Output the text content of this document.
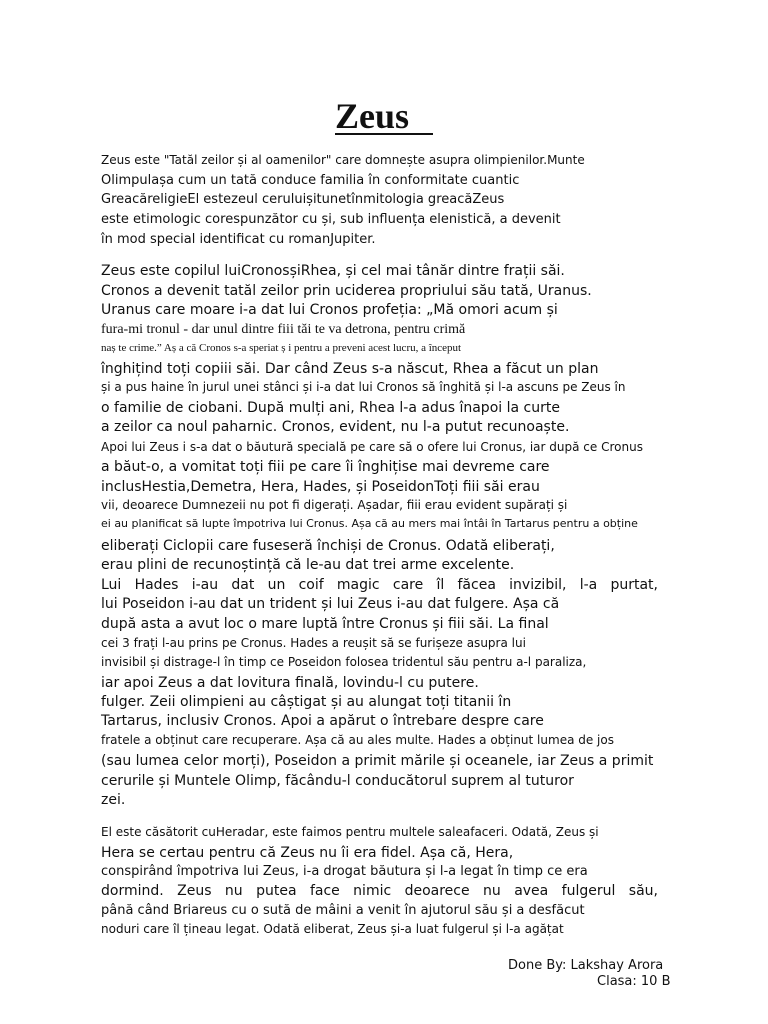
Zeus

Zeus este "Tatăl zeilor și al oamenilor" care domnește asupra olimpienilor.Munte

Olimpulașa cum un tată conduce familia în conformitate cuantic

GreacăreligieEl estezeul ceruluișitunetînmitologia greacăZeus

este etimologic corespunzător cu și, sub influența elenistică, a devenit

în mod special identificat cu romanJupiter.

Zeus este copilul luiCronosșiRhea, și cel mai tânăr dintre frații săi.

Cronos a devenit tatăl zeilor prin uciderea propriului său tată, Uranus.

Uranus care moare i-a dat lui Cronos profeția: „Mă omori acum și

fura-mi tronul - dar unul dintre fiii tăi te va detrona, pentru crimă

naș te crime.” Aș a că Cronos s-a speriat ș i pentru a preveni acest lucru, a început

înghițind toți copiii săi. Dar când Zeus s-a născut, Rhea a făcut un plan

și a pus haine în jurul unei stânci și i-a dat lui Cronos să înghită și l-a ascuns pe Zeus în

o familie de ciobani. După mulți ani, Rhea l-a adus înapoi la curte

a zeilor ca noul paharnic. Cronos, evident, nu l-a putut recunoaște.

Apoi lui Zeus i s-a dat o băutură specială pe care să o ofere lui Cronus, iar după ce Cronus

a băut-o, a vomitat toți fiii pe care îi înghițise mai devreme care

inclusHestia,Demetra, Hera, Hades, și PoseidonToți fiii săi erau

vii, deoarece Dumnezeii nu pot fi digerați. Așadar, fiii erau evident supărați și

ei au planificat să lupte împotriva lui Cronus. Așa că au mers mai întâi în Tartarus pentru a obține

eliberați Ciclopii care fuseseră închiși de Cronus. Odată eliberați,

erau plini de recunoștință că le-au dat trei arme excelente.

Lui Hades i-au dat un coif magic care îl făcea invizibil, l-a purtat,

lui Poseidon i-au dat un trident și lui Zeus i-au dat fulgere. Așa că

după asta a avut loc o mare luptă între Cronus și fiii săi. La final

cei 3 frați l-au prins pe Cronus. Hades a reușit să se furișeze asupra lui

invisibil și distrage-l în timp ce Poseidon folosea tridentul său pentru a-l paraliza,

iar apoi Zeus a dat lovitura finală, lovindu-l cu putere.

fulger. Zeii olimpieni au câștigat și au alungat toți titanii în

Tartarus, inclusiv Cronos. Apoi a apărut o întrebare despre care

fratele a obținut care recuperare. Așa că au ales multe. Hades a obținut lumea de jos

(sau lumea celor morți), Poseidon a primit mările și oceanele, iar Zeus a primit

cerurile și Muntele Olimp, făcându-l conducătorul suprem al tuturor

zei.

El este căsătorit cuHeradar, este faimos pentru multele saleafaceri. Odată, Zeus și

Hera se certau pentru că Zeus nu îi era fidel. Așa că, Hera,

conspirând împotriva lui Zeus, i-a drogat băutura și l-a legat în timp ce era

dormind. Zeus nu putea face nimic deoarece nu avea fulgerul său,

până când Briareus cu o sută de mâini a venit în ajutorul său și a desfăcut

noduri care îl țineau legat. Odată eliberat, Zeus și-a luat fulgerul și l-a agățat

Done By: Lakshay Arora
Clasa: 10 B
